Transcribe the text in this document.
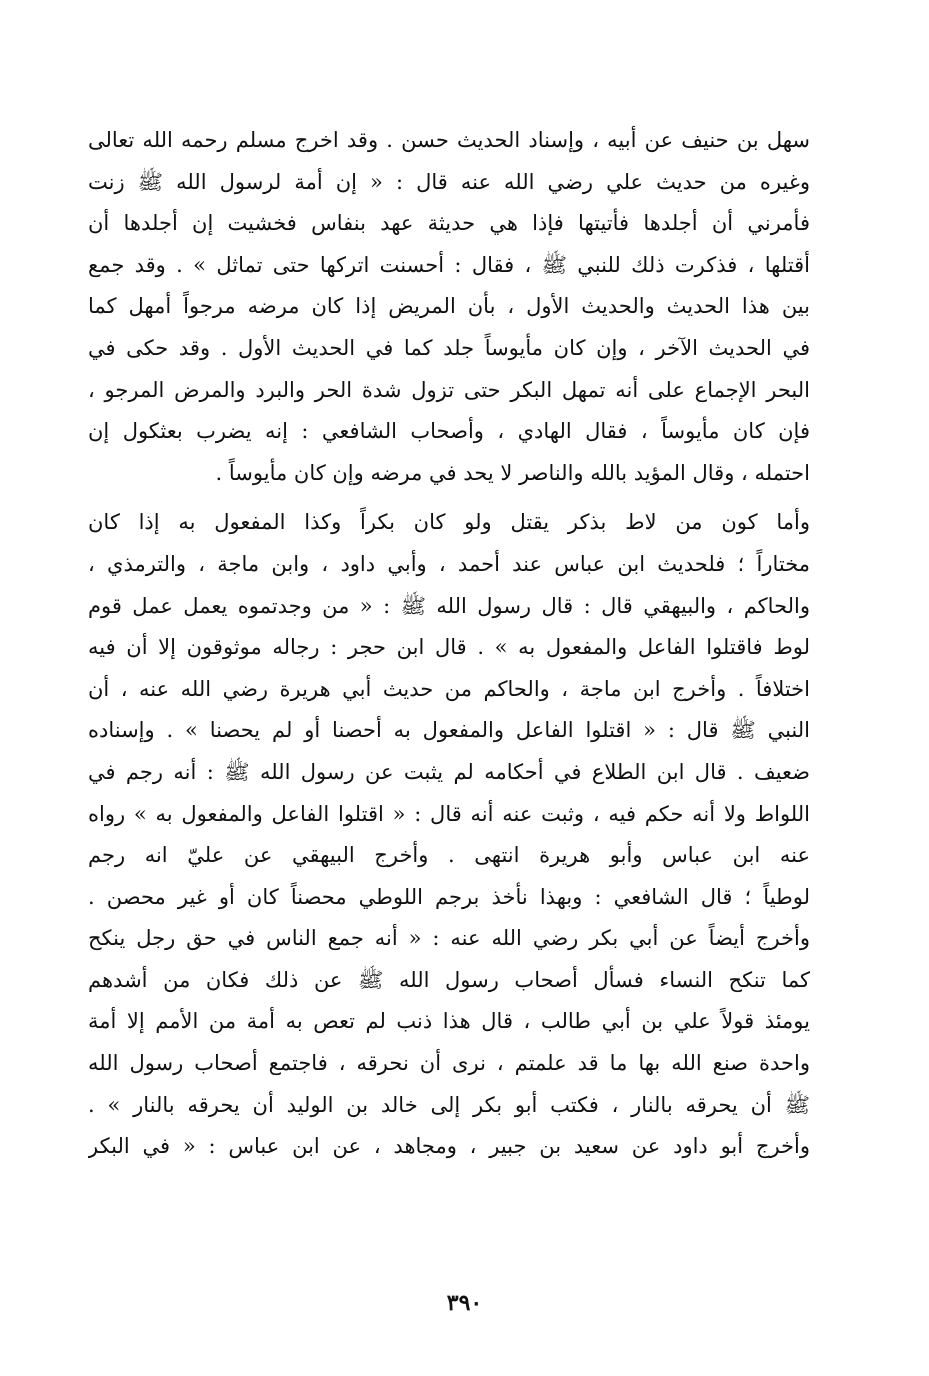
سهل بن حنيف عن أبيه ، وإسناد الحديث حسن . وقد اخرج مسلم رحمه الله تعالى
وغيره من حديث علي رضي الله عنه قال : « إن أمة لرسول الله ﷺ زنت
فأمرني أن أجلدها فأتيتها فإذا هي حديثة عهد بنفاس فخشيت إن أجلدها أن
أقتلها ، فذكرت ذلك للنبي ﷺ ، فقال : أحسنت اتركها حتى تماثل » . وقد جمع
بين هذا الحديث والحديث الأول ، بأن المريض إذا كان مرضه مرجواً أمهل كما
في الحديث الآخر ، وإن كان مأيوساً جلد كما في الحديث الأول . وقد حكى في
البحر الإجماع على أنه تمهل البكر حتى تزول شدة الحر والبرد والمرض المرجو ،
فإن كان مأيوساً ، فقال الهادي ، وأصحاب الشافعي : إنه يضرب بعثكول إن
احتمله ، وقال المؤيد بالله والناصر لا يحد في مرضه وإن كان مأيوساً .
وأما كون من لاط بذكر يقتل ولو كان بكراً وكذا المفعول به إذا كان
مختاراً ؛ فلحديث ابن عباس عند أحمد ، وأبي داود ، وابن ماجة ، والترمذي ،
والحاكم ، والبيهقي قال : قال رسول الله ﷺ : « من وجدتموه يعمل عمل قوم
لوط فاقتلوا الفاعل والمفعول به » . قال ابن حجر : رجاله موثوقون إلا أن فيه
اختلافاً . وأخرج ابن ماجة ، والحاكم من حديث أبي هريرة رضي الله عنه ، أن
النبي ﷺ قال : « اقتلوا الفاعل والمفعول به أحصنا أو لم يحصنا » . وإسناده
ضعيف . قال ابن الطلاع في أحكامه لم يثبت عن رسول الله ﷺ : أنه رجم في
اللواط ولا أنه حكم فيه ، وثبت عنه أنه قال : « اقتلوا الفاعل والمفعول به » رواه
عنه ابن عباس وأبو هريرة انتهى . وأخرج البيهقي عن عليّ انه رجم
لوطياً ؛ قال الشافعي : وبهذا نأخذ برجم اللوطي محصناً كان أو غير محصن .
وأخرج أيضاً عن أبي بكر رضي الله عنه : « أنه جمع الناس في حق رجل ينكح
كما تنكح النساء فسأل أصحاب رسول الله ﷺ عن ذلك فكان من أشدهم
يومئذ قولاً علي بن أبي طالب ، قال هذا ذنب لم تعص به أمة من الأمم إلا أمة
واحدة صنع الله بها ما قد علمتم ، نرى أن نحرقه ، فاجتمع أصحاب رسول الله
ﷺ أن يحرقه بالنار ، فكتب أبو بكر إلى خالد بن الوليد أن يحرقه بالنار » .
وأخرج أبو داود عن سعيد بن جبير ، ومجاهد ، عن ابن عباس : « في البكر
٣٩٠
